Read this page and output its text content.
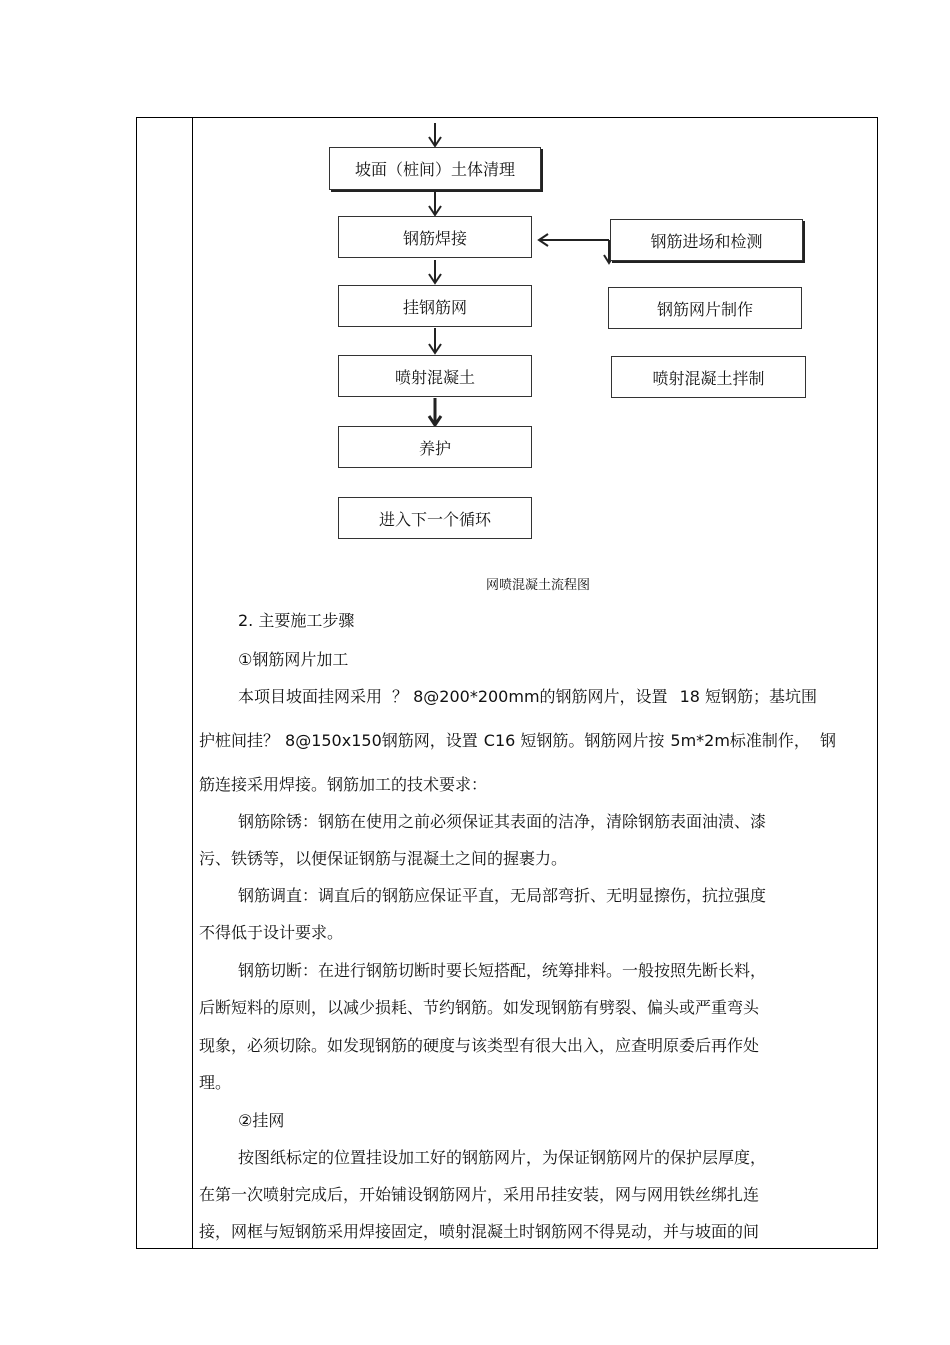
坡面（桩间）土体清理
钢筋焊接
挂钢筋网
喷射混凝土
养护
进入下一个循环
钢筋进场和检测
钢筋网片制作
喷射混凝土拌制
网喷混凝土流程图
2. 主要施工步骤
①钢筋网片加工
本项目坡面挂网采用 ？ 8@200*200mm的钢筋网片，设置 18 短钢筋；基坑围
护桩间挂？ 8@150x150钢筋网，设置 C16 短钢筋。钢筋网片按 5m*2m标准制作， 钢
筋连接采用焊接。钢筋加工的技术要求：
钢筋除锈：钢筋在使用之前必须保证其表面的洁净，清除钢筋表面油渍、漆
污、铁锈等，以便保证钢筋与混凝土之间的握裹力。
钢筋调直：调直后的钢筋应保证平直，无局部弯折、无明显擦伤，抗拉强度
不得低于设计要求。
钢筋切断：在进行钢筋切断时要长短搭配，统筹排料。一般按照先断长料，
后断短料的原则，以减少损耗、节约钢筋。如发现钢筋有劈裂、偏头或严重弯头
现象，必须切除。如发现钢筋的硬度与该类型有很大出入，应查明原委后再作处
理。
②挂网
按图纸标定的位置挂设加工好的钢筋网片，为保证钢筋网片的保护层厚度，
在第一次喷射完成后，开始铺设钢筋网片，采用吊挂安装，网与网用铁丝绑扎连
接，网框与短钢筋采用焊接固定，喷射混凝土时钢筋网不得晃动，并与坡面的间
